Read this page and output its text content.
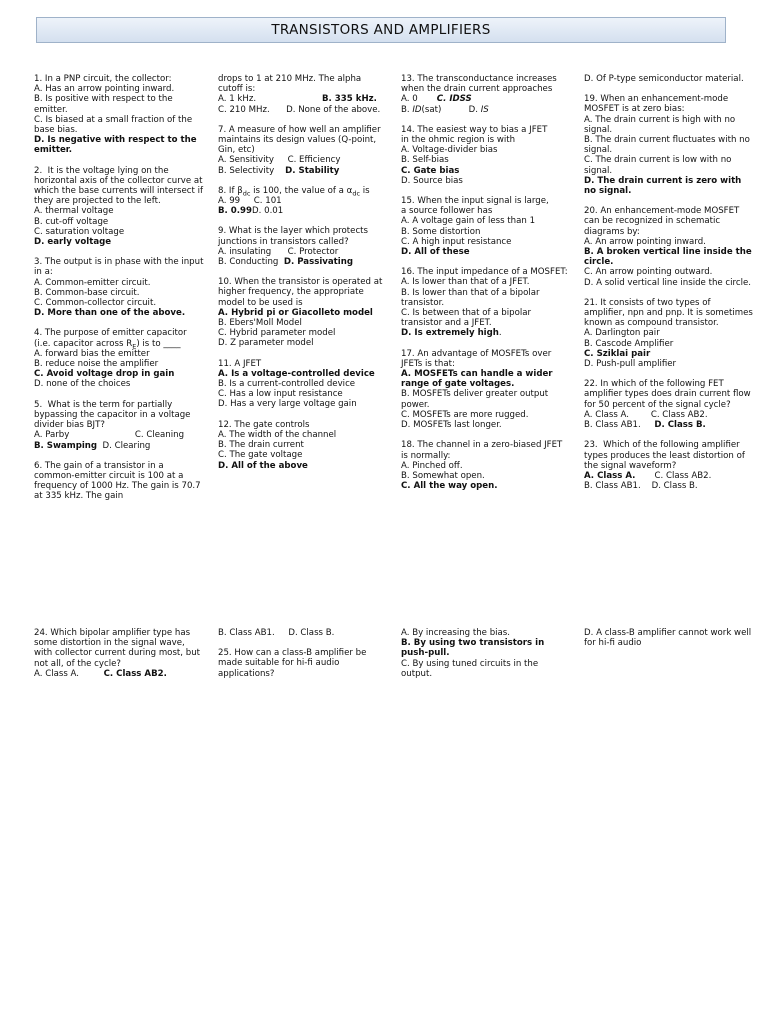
TRANSISTORS AND AMPLIFIERS
1. In a PNP circuit, the collector:
A. Has an arrow pointing inward.
B. Is positive with respect to the emitter.
C. Is biased at a small fraction of the base bias.
D. Is negative with respect to the emitter.
2.  It is the voltage lying on the horizontal axis of the collector curve at which the base currents will intersect if they are projected to the left.
A. thermal voltage
B. cut-off voltage
C. saturation voltage
D. early voltage
3. The output is in phase with the input in a:
A. Common-emitter circuit.
B. Common-base circuit.
C. Common-collector circuit.
D. More than one of the above.
4. The purpose of emitter capacitor (i.e. capacitor across $R_E$) is to ____
A. forward bias the emitter
B. reduce noise the amplifier
C. Avoid voltage drop in gain
D. none of the choices
5.  What is the term for partially bypassing the capacitor in a voltage divider bias BJT?
A. Parby                        C. Cleaning
B. Swamping  D. Clearing
6. The gain of a transistor in a common-emitter circuit is 100 at a frequency of 1000 Hz. The gain is 70.7 at 335 kHz. The gain
drops to 1 at 210 MHz. The alpha cutoff is:
A. 1 kHz.	B. 335 kHz.
C. 210 MHz.      D. None of the above.
7. A measure of how well an amplifier maintains its design values (Q-point, Gin, etc)
A. Sensitivity     C. Efficiency
B. Selectivity    D. Stability
8. If $\beta_{dc}$ is 100, the value of a $\alpha_{dc}$ is
A. 99     C. 101
B. 0.99D. 0.01
9. What is the layer which protects junctions in transistors called?
A. insulating      C. Protector
B. Conducting  D. Passivating
10. When the transistor is operated at higher frequency, the appropriate model to be used is
A. Hybrid pi or Giacolleto model
B. Ebers'Moll Model
C. Hybrid parameter model
D. Z parameter model
11. A JFET
A. Is a voltage-controlled device
B. Is a current-controlled device
C. Has a low input resistance
D. Has a very large voltage gain
12. The gate controls
A. The width of the channel
B. The drain current
C. The gate voltage
D. All of the above
13. The transconductance increases
when the drain current approaches
A. 0       C. IDSS
B. ID(sat)          D. IS
14. The easiest way to bias a JFET
in the ohmic region is with
A. Voltage-divider bias
B. Self-bias
C. Gate bias
D. Source bias
15. When the input signal is large,
a source follower has
A. A voltage gain of less than 1
B. Some distortion
C. A high input resistance
D. All of these
16. The input impedance of a MOSFET:
A. Is lower than that of a JFET.
B. Is lower than that of a bipolar transistor.
C. Is between that of a bipolar transistor and a JFET.
D. Is extremely high.
17. An advantage of MOSFETs over JFETs is that:
A. MOSFETs can handle a wider range of gate voltages.
B. MOSFETs deliver greater output power.
C. MOSFETs are more rugged.
D. MOSFETs last longer.
18. The channel in a zero-biased JFET is normally:
A. Pinched off.
B. Somewhat open.
C. All the way open.
D. Of P-type semiconductor material.
19. When an enhancement-mode MOSFET is at zero bias:
A. The drain current is high with no signal.
B. The drain current fluctuates with no signal.
C. The drain current is low with no signal.
D. The drain current is zero with no signal.
20. An enhancement-mode MOSFET can be recognized in schematic diagrams by:
A. An arrow pointing inward.
B. A broken vertical line inside the circle.
C. An arrow pointing outward.
D. A solid vertical line inside the circle.
21. It consists of two types of amplifier, npn and pnp. It is sometimes known as compound transistor.
A. Darlington pair
B. Cascode Amplifier
C. Sziklai pair
D. Push-pull amplifier
22. In which of the following FET amplifier types does drain current flow for 50 percent of the signal cycle?
A. Class A.        C. Class AB2.
B. Class AB1.     D. Class B.
23.  Which of the following amplifier types produces the least distortion of the signal waveform?
A. Class A.       C. Class AB2.
B. Class AB1.    D. Class B.
24. Which bipolar amplifier type has some distortion in the signal wave, with collector current during most, but not all, of the cycle?
A. Class A.         C. Class AB2.
B. Class AB1.     D. Class B.
25. How can a class-B amplifier be made suitable for hi-fi audio applications?
A. By increasing the bias.
B. By using two transistors in push-pull.
C. By using tuned circuits in the output.
D. A class-B amplifier cannot work well for hi-fi audio
